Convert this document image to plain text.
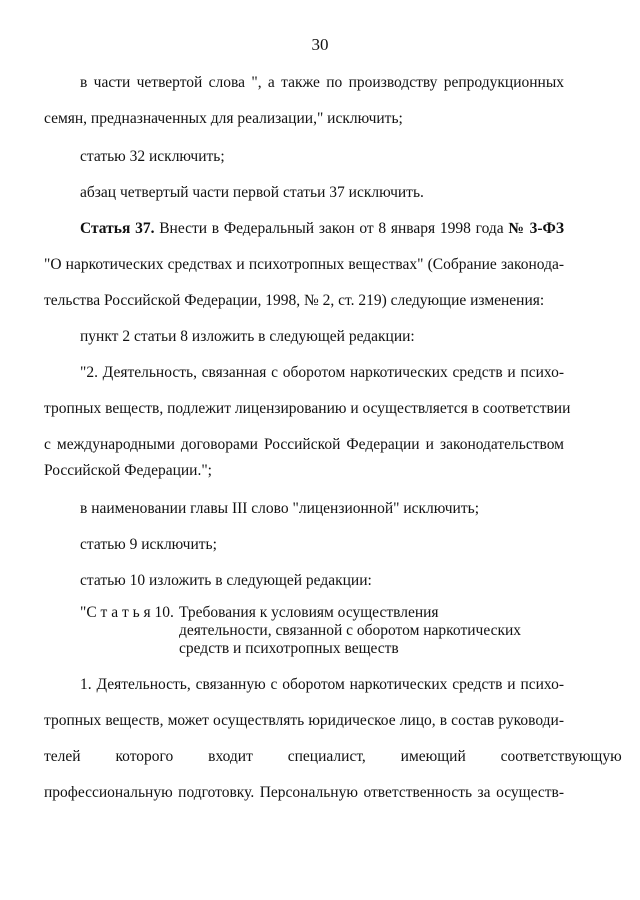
30
в части четвертой слова ", а также по производству репродукционных
семян, предназначенных для реализации," исключить;
статью 32 исключить;
абзац четвертый части первой статьи 37 исключить.
Статья 37. Внести в Федеральный закон от 8 января 1998 года № 3-ФЗ
"О наркотических средствах и психотропных веществах" (Собрание законода-
тельства Российской Федерации, 1998, № 2, ст. 219) следующие изменения:
пункт 2 статьи 8 изложить в следующей редакции:
"2. Деятельность, связанная с оборотом наркотических средств и психо-
тропных веществ, подлежит лицензированию и осуществляется в соответствии
с международными договорами Российской Федерации и законодательством
Российской Федерации.";
в наименовании главы III слово "лицензионной" исключить;
статью 9 исключить;
статью 10 изложить в следующей редакции:
"С т а т ь я 10. Требования к условиям осуществления
деятельности, связанной с оборотом наркотических
средств и психотропных веществ
1. Деятельность, связанную с оборотом наркотических средств и психо-
тропных веществ, может осуществлять юридическое лицо, в состав руководи-
телей которого входит специалист, имеющий соответствующую
профессиональную подготовку. Персональную ответственность за осуществ-
